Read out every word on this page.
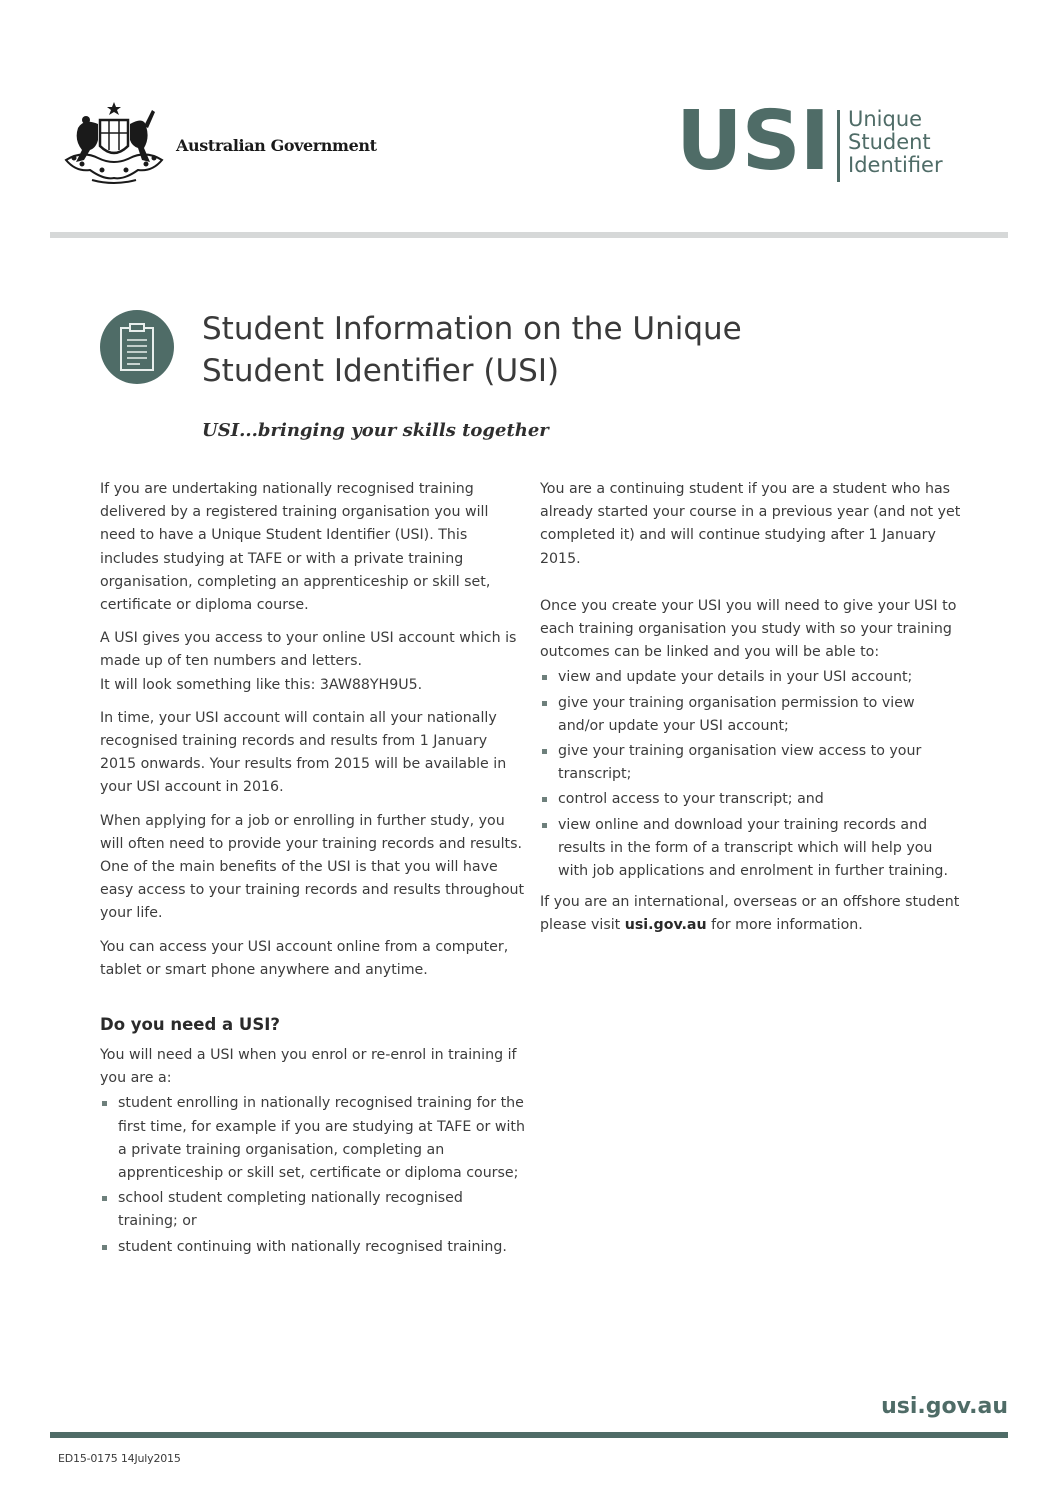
Australian Government	USI Unique
Student
Identifier
Student Information on the Unique
Student Identifier (USI)
USI...bringing your skills together

If you are undertaking nationally recognised training delivered by a registered training organisation you will need to have a Unique Student Identifier (USI). This includes studying at TAFE or with a private training organisation, completing an apprenticeship or skill set, certificate or diploma course.

A USI gives you access to your online USI account which is made up of ten numbers and letters.

It will look something like this: 3AW88YH9U5.

In time, your USI account will contain all your nationally recognised training records and results from 1 January 2015 onwards. Your results from 2015 will be available in your USI account in 2016.

When applying for a job or enrolling in further study, you will often need to provide your training records and results. One of the main benefits of the USI is that you will have easy access to your training records and results throughout your life.

You can access your USI account online from a computer, tablet or smart phone anywhere and anytime.

Do you need a USI?

You will need a USI when you enrol or re-enrol in training if you are a:

student enrolling in nationally recognised training for the first time, for example if you are studying at TAFE or with a private training organisation, completing an apprenticeship or skill set, certificate or diploma course;
school student completing nationally recognised training; or
student continuing with nationally recognised training.

You are a continuing student if you are a student who has already started your course in a previous year (and not yet completed it) and will continue studying after 1 January 2015.

Once you create your USI you will need to give your USI to each training organisation you study with so your training outcomes can be linked and you will be able to:

view and update your details in your USI account;
give your training organisation permission to view and/or update your USI account;
give your training organisation view access to your transcript;
control access to your transcript; and
view online and download your training records and results in the form of a transcript which will help you with job applications and enrolment in further training.

If you are an international, overseas or an offshore student please visit usi.gov.au for more information.

usi.gov.au
ED15-0175 14July2015
